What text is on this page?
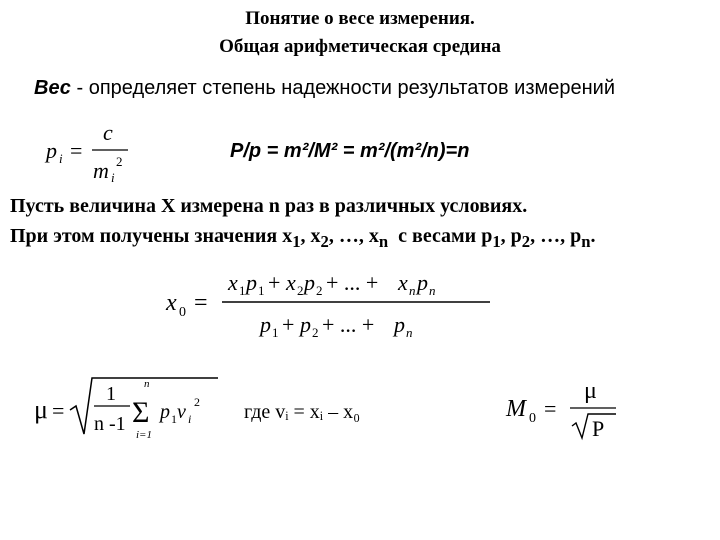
Понятие о весе измерения.
Общая арифметическая средина
Вес - определяет степень надежности результатов измерений
p i =
c
m i
2	P/p = m²/M² = m²/(m²/n)=n
Пусть величина X измерена n раз в различных условиях.
При этом получены значения $x_1$, $x_2$, …, $x_n$  с весами $p_1$, $p_2$, …, $p_n$.
x 0 =
x 1 p 1 + x 2 p 2 + ... + x n p n
p 1 + p 2 + ... + p n
μ =
1
n -1
n
Σ
i=1
p 1 v i
2 где vᵢ = xᵢ – x₀	M 0 =
μ
P
